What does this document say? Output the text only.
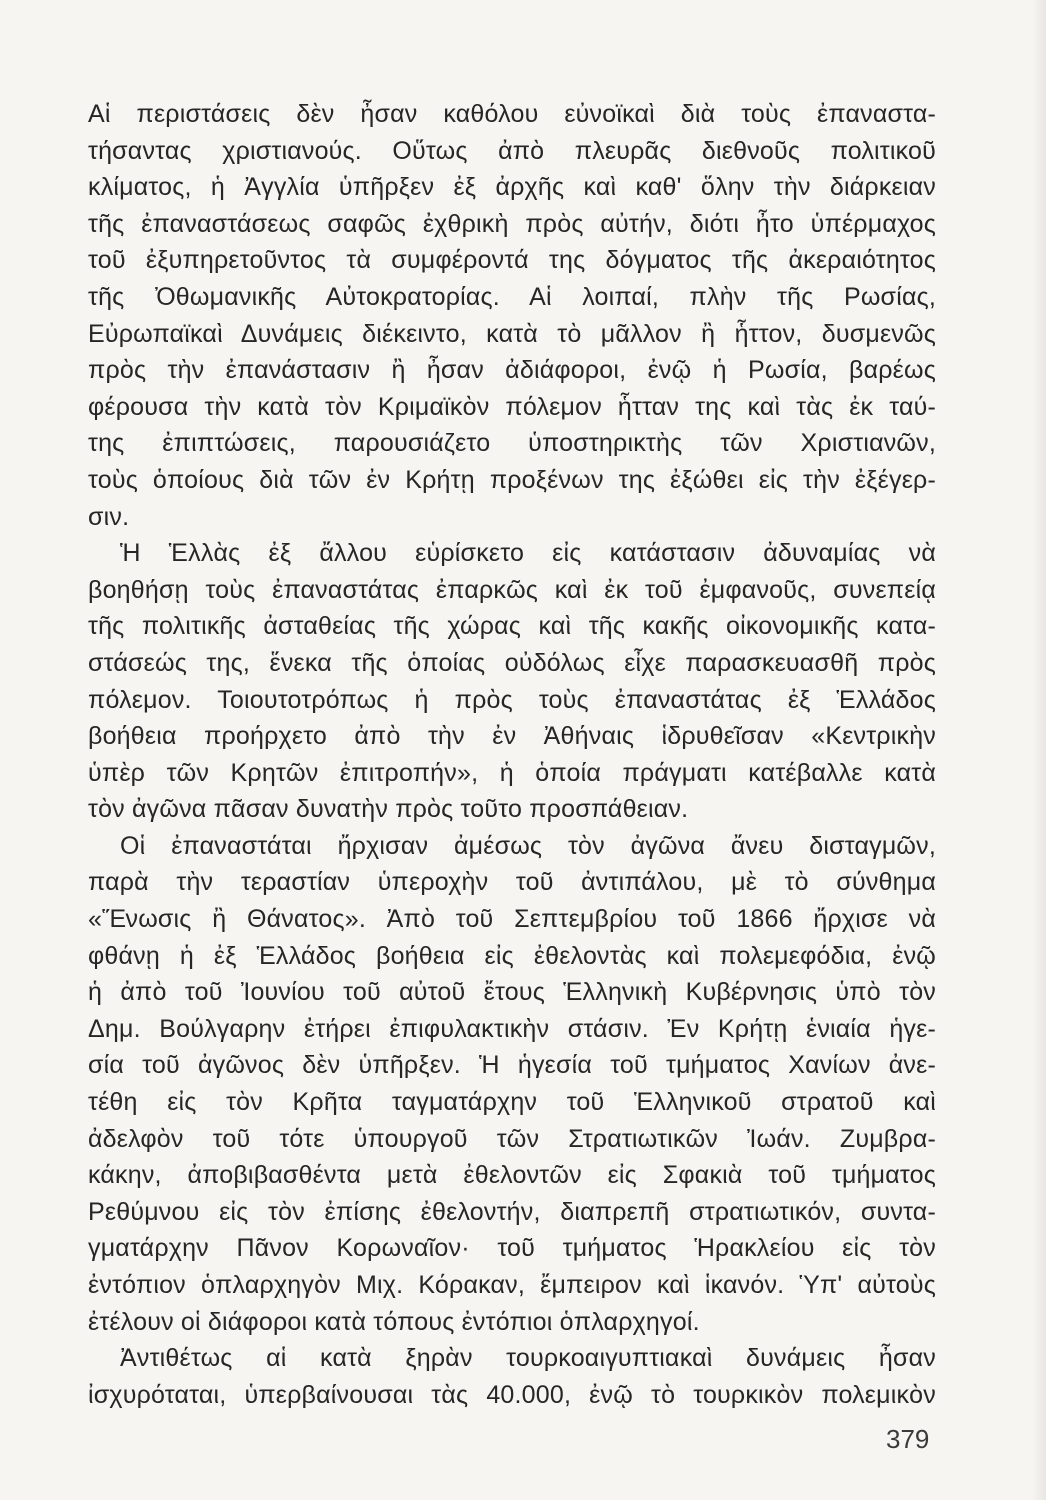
Αἱ περιστάσεις δὲν ἦσαν καθόλου εὐνοϊκαὶ διὰ τοὺς ἐπαναστα-
τήσαντας χριστιανούς. Οὕτως ἀπὸ πλευρᾶς διεθνοῦς πολιτικοῦ
κλίματος, ἡ Ἀγγλία ὑπῆρξεν ἐξ ἀρχῆς καὶ καθ' ὅλην τὴν διάρκειαν
τῆς ἐπαναστάσεως σαφῶς ἐχθρικὴ πρὸς αὐτήν, διότι ἦτο ὑπέρμαχος
τοῦ ἐξυπηρετοῦντος τὰ συμφέροντά της δόγματος τῆς ἀκεραιότητος
τῆς Ὀθωμανικῆς Αὐτοκρατορίας. Αἱ λοιπαί, πλὴν τῆς Ρωσίας,
Εὐρωπαϊκαὶ Δυνάμεις διέκειντο, κατὰ τὸ μᾶλλον ἢ ἧττον, δυσμενῶς
πρὸς τὴν ἐπανάστασιν ἢ ἦσαν ἀδιάφοροι, ἐνῷ ἡ Ρωσία, βαρέως
φέρουσα τὴν κατὰ τὸν Κριμαϊκὸν πόλεμον ἧτταν της καὶ τὰς ἐκ ταύ-
της ἐπιπτώσεις, παρουσιάζετο ὑποστηρικτὴς τῶν Χριστιανῶν,
τοὺς ὁποίους διὰ τῶν ἐν Κρήτῃ προξένων της ἐξώθει εἰς τὴν ἐξέγερ-
σιν.
Ἡ Ἑλλὰς ἐξ ἄλλου εὑρίσκετο εἰς κατάστασιν ἀδυναμίας νὰ
βοηθήσῃ τοὺς ἐπαναστάτας ἐπαρκῶς καὶ ἐκ τοῦ ἐμφανοῦς, συνεπείᾳ
τῆς πολιτικῆς ἀσταθείας τῆς χώρας καὶ τῆς κακῆς οἰκονομικῆς κατα-
στάσεώς της, ἕνεκα τῆς ὁποίας οὐδόλως εἶχε παρασκευασθῆ πρὸς
πόλεμον. Τοιουτοτρόπως ἡ πρὸς τοὺς ἐπαναστάτας ἐξ Ἑλλάδος
βοήθεια προήρχετο ἀπὸ τὴν ἐν Ἀθήναις ἱδρυθεῖσαν «Κεντρικὴν
ὑπὲρ τῶν Κρητῶν ἐπιτροπήν», ἡ ὁποία πράγματι κατέβαλλε κατὰ
τὸν ἀγῶνα πᾶσαν δυνατὴν πρὸς τοῦτο προσπάθειαν.
Οἱ ἐπαναστάται ἤρχισαν ἀμέσως τὸν ἀγῶνα ἄνευ δισταγμῶν,
παρὰ τὴν τεραστίαν ὑπεροχὴν τοῦ ἀντιπάλου, μὲ τὸ σύνθημα
«Ἕνωσις ἢ Θάνατος». Ἀπὸ τοῦ Σεπτεμβρίου τοῦ 1866 ἤρχισε νὰ
φθάνῃ ἡ ἐξ Ἑλλάδος βοήθεια εἰς ἐθελοντὰς καὶ πολεμεφόδια, ἐνῷ
ἡ ἀπὸ τοῦ Ἰουνίου τοῦ αὐτοῦ ἔτους Ἑλληνικὴ Κυβέρνησις ὑπὸ τὸν
Δημ. Βούλγαρην ἐτήρει ἐπιφυλακτικὴν στάσιν. Ἐν Κρήτῃ ἑνιαία ἡγε-
σία τοῦ ἀγῶνος δὲν ὑπῆρξεν. Ἡ ἡγεσία τοῦ τμήματος Χανίων ἀνε-
τέθη εἰς τὸν Κρῆτα ταγματάρχην τοῦ Ἑλληνικοῦ στρατοῦ καὶ
ἀδελφὸν τοῦ τότε ὑπουργοῦ τῶν Στρατιωτικῶν Ἰωάν. Ζυμβρα-
κάκην, ἀποβιβασθέντα μετὰ ἐθελοντῶν εἰς Σφακιὰ τοῦ τμήματος
Ρεθύμνου εἰς τὸν ἐπίσης ἐθελοντήν, διαπρεπῆ στρατιωτικόν, συντα-
γματάρχην Πᾶνον Κορωναῖον· τοῦ τμήματος Ἡρακλείου εἰς τὸν
ἐντόπιον ὁπλαρχηγὸν Μιχ. Κόρακαν, ἔμπειρον καὶ ἱκανόν. Ὑπ' αὐτοὺς
ἐτέλουν οἱ διάφοροι κατὰ τόπους ἐντόπιοι ὁπλαρχηγοί.
Ἀντιθέτως αἱ κατὰ ξηρὰν τουρκοαιγυπτιακαὶ δυνάμεις ἦσαν
ἰσχυρόταται, ὑπερβαίνουσαι τὰς 40.000, ἐνῷ τὸ τουρκικὸν πολεμικὸν
379
